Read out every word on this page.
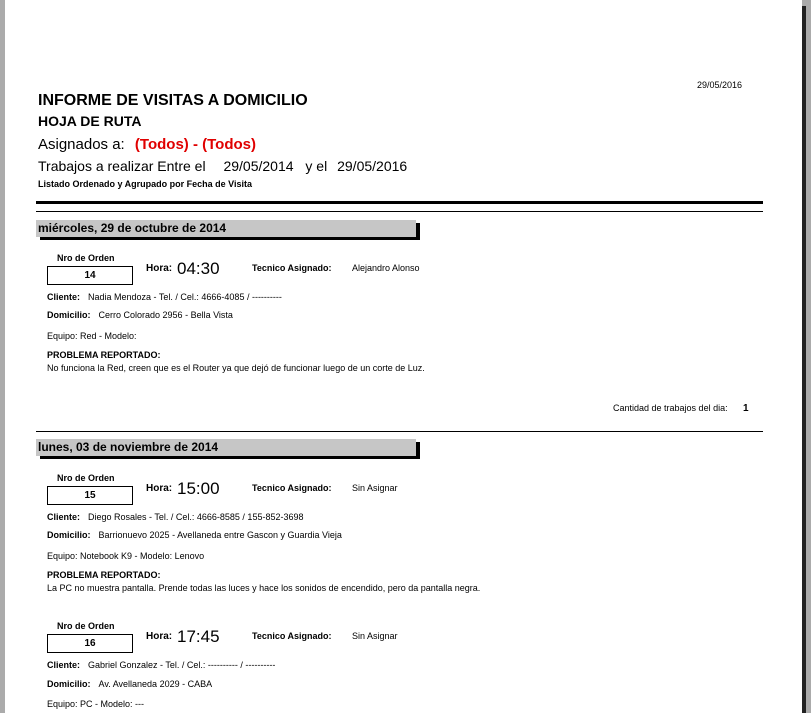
29/05/2016
INFORME DE VISITAS A DOMICILIO
HOJA DE RUTA
Asignados a: (Todos) - (Todos)
Trabajos a realizar Entre el 29/05/2014 y el 29/05/2016
Listado Ordenado y Agrupado por Fecha de Visita
miércoles, 29 de octubre de 2014
Nro de Orden
14
Hora: 04:30	Tecnico Asignado: Alejandro Alonso
Cliente: Nadia Mendoza - Tel. / Cel.: 4666-4085 / ----------
Domicilio: Cerro Colorado 2956 - Bella Vista
Equipo: Red - Modelo:
PROBLEMA REPORTADO:
No funciona la Red, creen que es el Router ya que dejó de funcionar luego de un corte de Luz.
Cantidad de trabajos del dia: 1
lunes, 03 de noviembre de 2014
Nro de Orden
15
Hora: 15:00	Tecnico Asignado: Sin Asignar
Cliente: Diego Rosales - Tel. / Cel.: 4666-8585 / 155-852-3698
Domicilio: Barrionuevo 2025 - Avellaneda entre Gascon y Guardia Vieja
Equipo: Notebook K9 - Modelo: Lenovo
PROBLEMA REPORTADO:
La PC no muestra pantalla. Prende todas las luces y hace los sonidos de encendido, pero da pantalla negra.
Nro de Orden
16
Hora: 17:45	Tecnico Asignado: Sin Asignar
Cliente: Gabriel Gonzalez - Tel. / Cel.: ---------- / ----------
Domicilio: Av. Avellaneda 2029 - CABA
Equipo: PC - Modelo: ---
